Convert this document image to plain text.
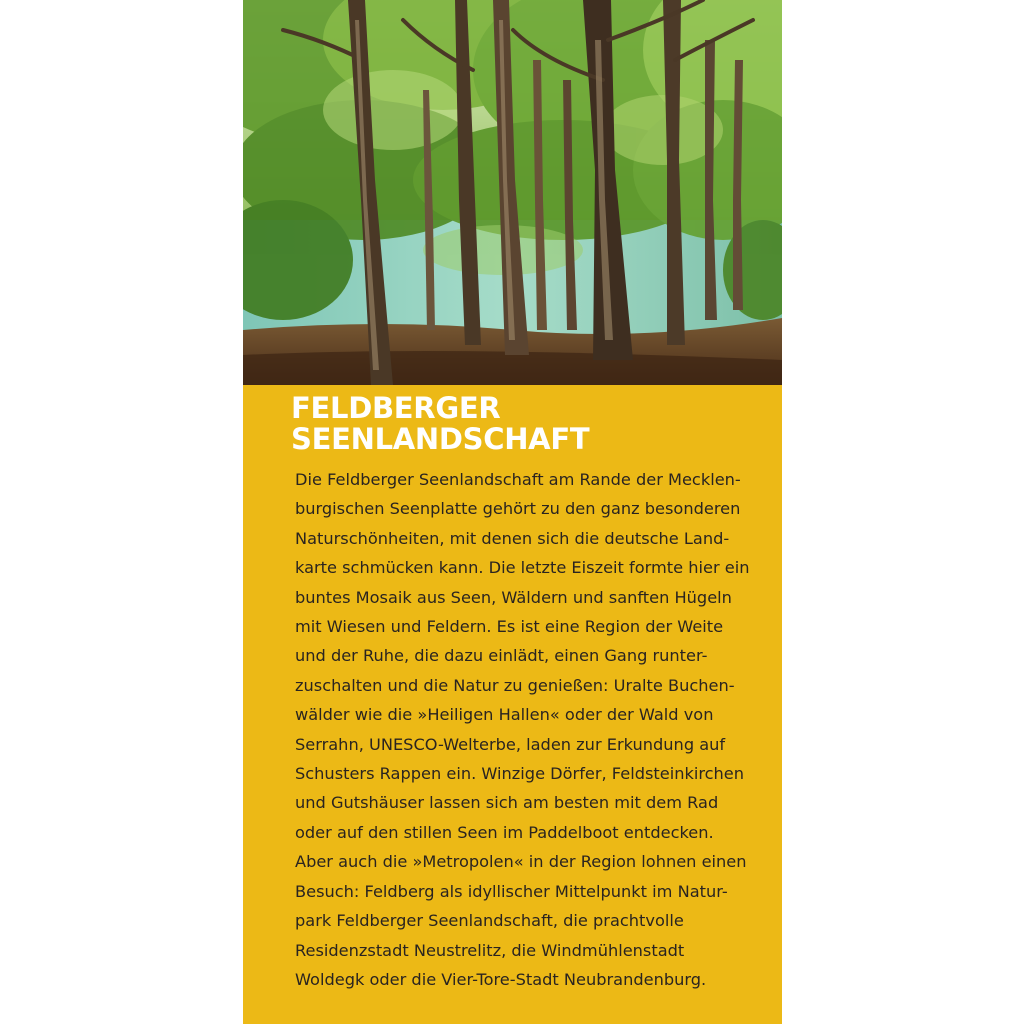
FELDBERGER
SEENLANDSCHAFT
Die Feldberger Seenlandschaft am Rande der Mecklen-
burgischen Seenplatte gehört zu den ganz besonderen
Naturschönheiten, mit denen sich die deutsche Land-
karte schmücken kann. Die letzte Eiszeit formte hier ein
buntes Mosaik aus Seen, Wäldern und sanften Hügeln
mit Wiesen und Feldern. Es ist eine Region der Weite
und der Ruhe, die dazu einlädt, einen Gang runter-
zuschalten und die Natur zu genießen: Uralte Buchen-
wälder wie die »Heiligen Hallen« oder der Wald von
Serrahn, UNESCO-Welterbe, laden zur Erkundung auf
Schusters Rappen ein. Winzige Dörfer, Feldsteinkirchen
und Gutshäuser lassen sich am besten mit dem Rad
oder auf den stillen Seen im Paddelboot entdecken.
Aber auch die »Metropolen« in der Region lohnen einen
Besuch: Feldberg als idyllischer Mittelpunkt im Natur-
park Feldberger Seenlandschaft, die prachtvolle
Residenzstadt Neustrelitz, die Windmühlenstadt
Woldegk oder die Vier-Tore-Stadt Neubrandenburg.
